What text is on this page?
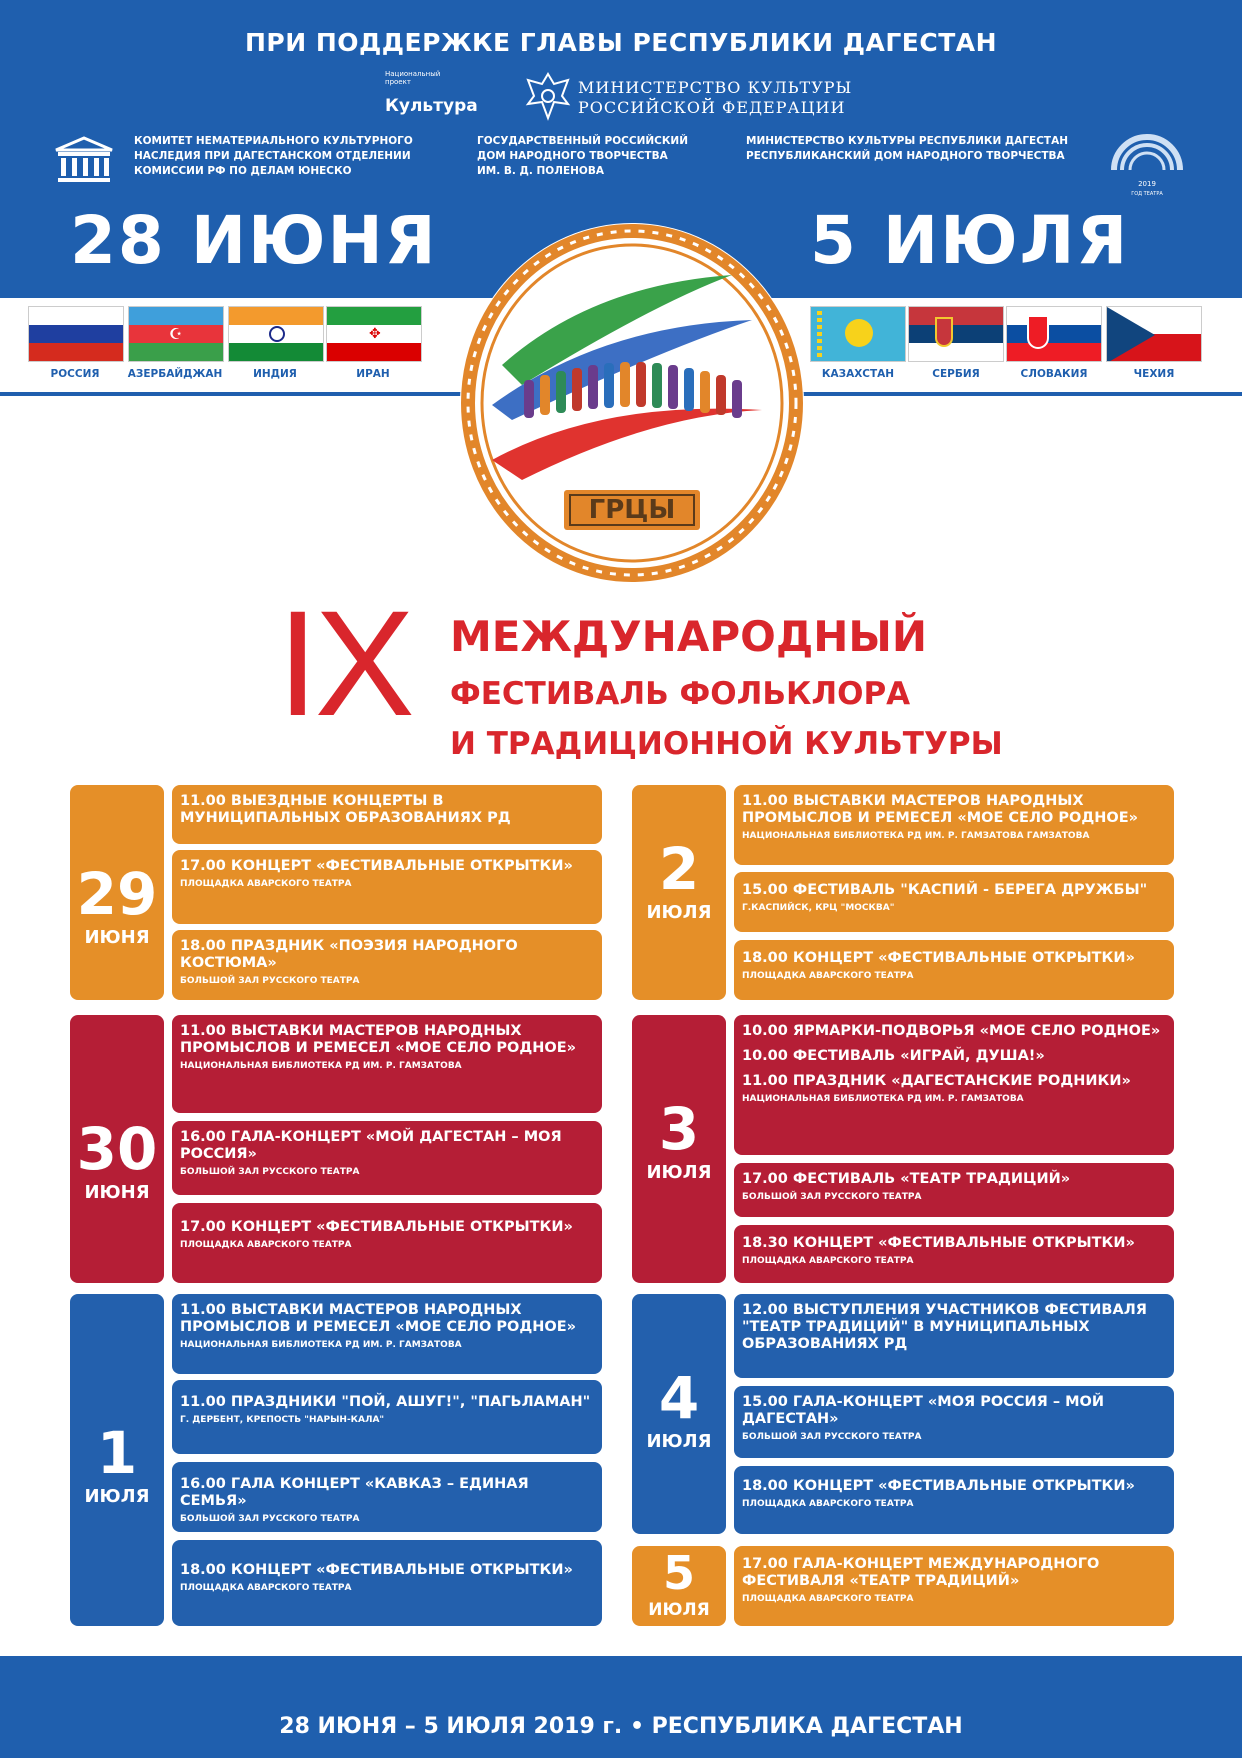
ПРИ ПОДДЕРЖКЕ ГЛАВЫ РЕСПУБЛИКИ ДАГЕСТАН
Национальный проект
Культура
МИНИСТЕРСТВО КУЛЬТУРЫ
РОССИЙСКОЙ ФЕДЕРАЦИИ
КОМИТЕТ НЕМАТЕРИАЛЬНОГО КУЛЬТУРНОГО
НАСЛЕДИЯ ПРИ ДАГЕСТАНСКОМ ОТДЕЛЕНИИ
КОМИССИИ РФ ПО ДЕЛАМ ЮНЕСКО
ГОСУДАРСТВЕННЫЙ РОССИЙСКИЙ
ДОМ НАРОДНОГО ТВОРЧЕСТВА
ИМ. В. Д. ПОЛЕНОВА
МИНИСТЕРСТВО КУЛЬТУРЫ РЕСПУБЛИКИ ДАГЕСТАН
РЕСПУБЛИКАНСКИЙ ДОМ НАРОДНОГО ТВОРЧЕСТВА
2019
ГОД ТЕАТРА
28 ИЮНЯ	5 ИЮЛЯ
☪	✥
РОССИЯ	АЗЕРБАЙДЖАН	ИНДИЯ	ИРАН	КАЗАХСТАН	СЕРБИЯ	СЛОВАКИЯ	ЧЕХИЯ
ГРЦЫ
IX МЕЖДУНАРОДНЫЙ
ФЕСТИВАЛЬ ФОЛЬКЛОРА
И ТРАДИЦИОННОЙ КУЛЬТУРЫ
29
ИЮНЯ
11.00 ВЫЕЗДНЫЕ КОНЦЕРТЫ В МУНИЦИПАЛЬНЫХ ОБРАЗОВАНИЯХ РД
17.00 КОНЦЕРТ «ФЕСТИВАЛЬНЫЕ ОТКРЫТКИ»
ПЛОЩАДКА АВАРСКОГО ТЕАТРА
18.00 ПРАЗДНИК «ПОЭЗИЯ НАРОДНОГО КОСТЮМА»
БОЛЬШОЙ ЗАЛ РУССКОГО ТЕАТРА
30
ИЮНЯ
11.00 ВЫСТАВКИ МАСТЕРОВ НАРОДНЫХ ПРОМЫСЛОВ И РЕМЕСЕЛ «МОЕ СЕЛО РОДНОЕ»
НАЦИОНАЛЬНАЯ БИБЛИОТЕКА РД ИМ. Р. ГАМЗАТОВА
16.00 ГАЛА-КОНЦЕРТ «МОЙ ДАГЕСТАН – МОЯ РОССИЯ»
БОЛЬШОЙ ЗАЛ РУССКОГО ТЕАТРА
17.00 КОНЦЕРТ «ФЕСТИВАЛЬНЫЕ ОТКРЫТКИ»
ПЛОЩАДКА АВАРСКОГО ТЕАТРА
1
ИЮЛЯ
11.00 ВЫСТАВКИ МАСТЕРОВ НАРОДНЫХ ПРОМЫСЛОВ И РЕМЕСЕЛ «МОЕ СЕЛО РОДНОЕ»
НАЦИОНАЛЬНАЯ БИБЛИОТЕКА РД ИМ. Р. ГАМЗАТОВА
11.00 ПРАЗДНИКИ "ПОЙ, АШУГ!", "ПАГЬЛАМАН"
Г. ДЕРБЕНТ, КРЕПОСТЬ "НАРЫН-КАЛА"
16.00 ГАЛА КОНЦЕРТ «КАВКАЗ – ЕДИНАЯ СЕМЬЯ»
БОЛЬШОЙ ЗАЛ РУССКОГО ТЕАТРА
18.00 КОНЦЕРТ «ФЕСТИВАЛЬНЫЕ ОТКРЫТКИ»
ПЛОЩАДКА АВАРСКОГО ТЕАТРА
2
ИЮЛЯ
11.00 ВЫСТАВКИ МАСТЕРОВ НАРОДНЫХ ПРОМЫСЛОВ И РЕМЕСЕЛ «МОЕ СЕЛО РОДНОЕ»
НАЦИОНАЛЬНАЯ БИБЛИОТЕКА РД ИМ. Р. ГАМЗАТОВА ГАМЗАТОВА
15.00 ФЕСТИВАЛЬ "КАСПИЙ - БЕРЕГА ДРУЖБЫ"
Г.КАСПИЙСК, КРЦ "МОСКВА"
18.00 КОНЦЕРТ «ФЕСТИВАЛЬНЫЕ ОТКРЫТКИ»
ПЛОЩАДКА АВАРСКОГО ТЕАТРА
3
ИЮЛЯ
10.00 ЯРМАРКИ-ПОДВОРЬЯ «МОЕ СЕЛО РОДНОЕ»
10.00 ФЕСТИВАЛЬ «ИГРАЙ, ДУША!»
11.00 ПРАЗДНИК «ДАГЕСТАНСКИЕ РОДНИКИ»
НАЦИОНАЛЬНАЯ БИБЛИОТЕКА РД ИМ. Р. ГАМЗАТОВА
17.00 ФЕСТИВАЛЬ «ТЕАТР ТРАДИЦИЙ»
БОЛЬШОЙ ЗАЛ РУССКОГО ТЕАТРА
18.30 КОНЦЕРТ «ФЕСТИВАЛЬНЫЕ ОТКРЫТКИ»
ПЛОЩАДКА АВАРСКОГО ТЕАТРА
4
ИЮЛЯ
12.00 ВЫСТУПЛЕНИЯ УЧАСТНИКОВ ФЕСТИВАЛЯ "ТЕАТР ТРАДИЦИЙ" В МУНИЦИПАЛЬНЫХ ОБРАЗОВАНИЯХ РД
15.00 ГАЛА-КОНЦЕРТ «МОЯ РОССИЯ – МОЙ ДАГЕСТАН»
БОЛЬШОЙ ЗАЛ РУССКОГО ТЕАТРА
18.00 КОНЦЕРТ «ФЕСТИВАЛЬНЫЕ ОТКРЫТКИ»
ПЛОЩАДКА АВАРСКОГО ТЕАТРА
5
ИЮЛЯ
17.00 ГАЛА-КОНЦЕРТ МЕЖДУНАРОДНОГО ФЕСТИВАЛЯ «ТЕАТР ТРАДИЦИЙ»
ПЛОЩАДКА АВАРСКОГО ТЕАТРА
28 ИЮНЯ – 5 ИЮЛЯ 2019 г. • РЕСПУБЛИКА ДАГЕСТАН
